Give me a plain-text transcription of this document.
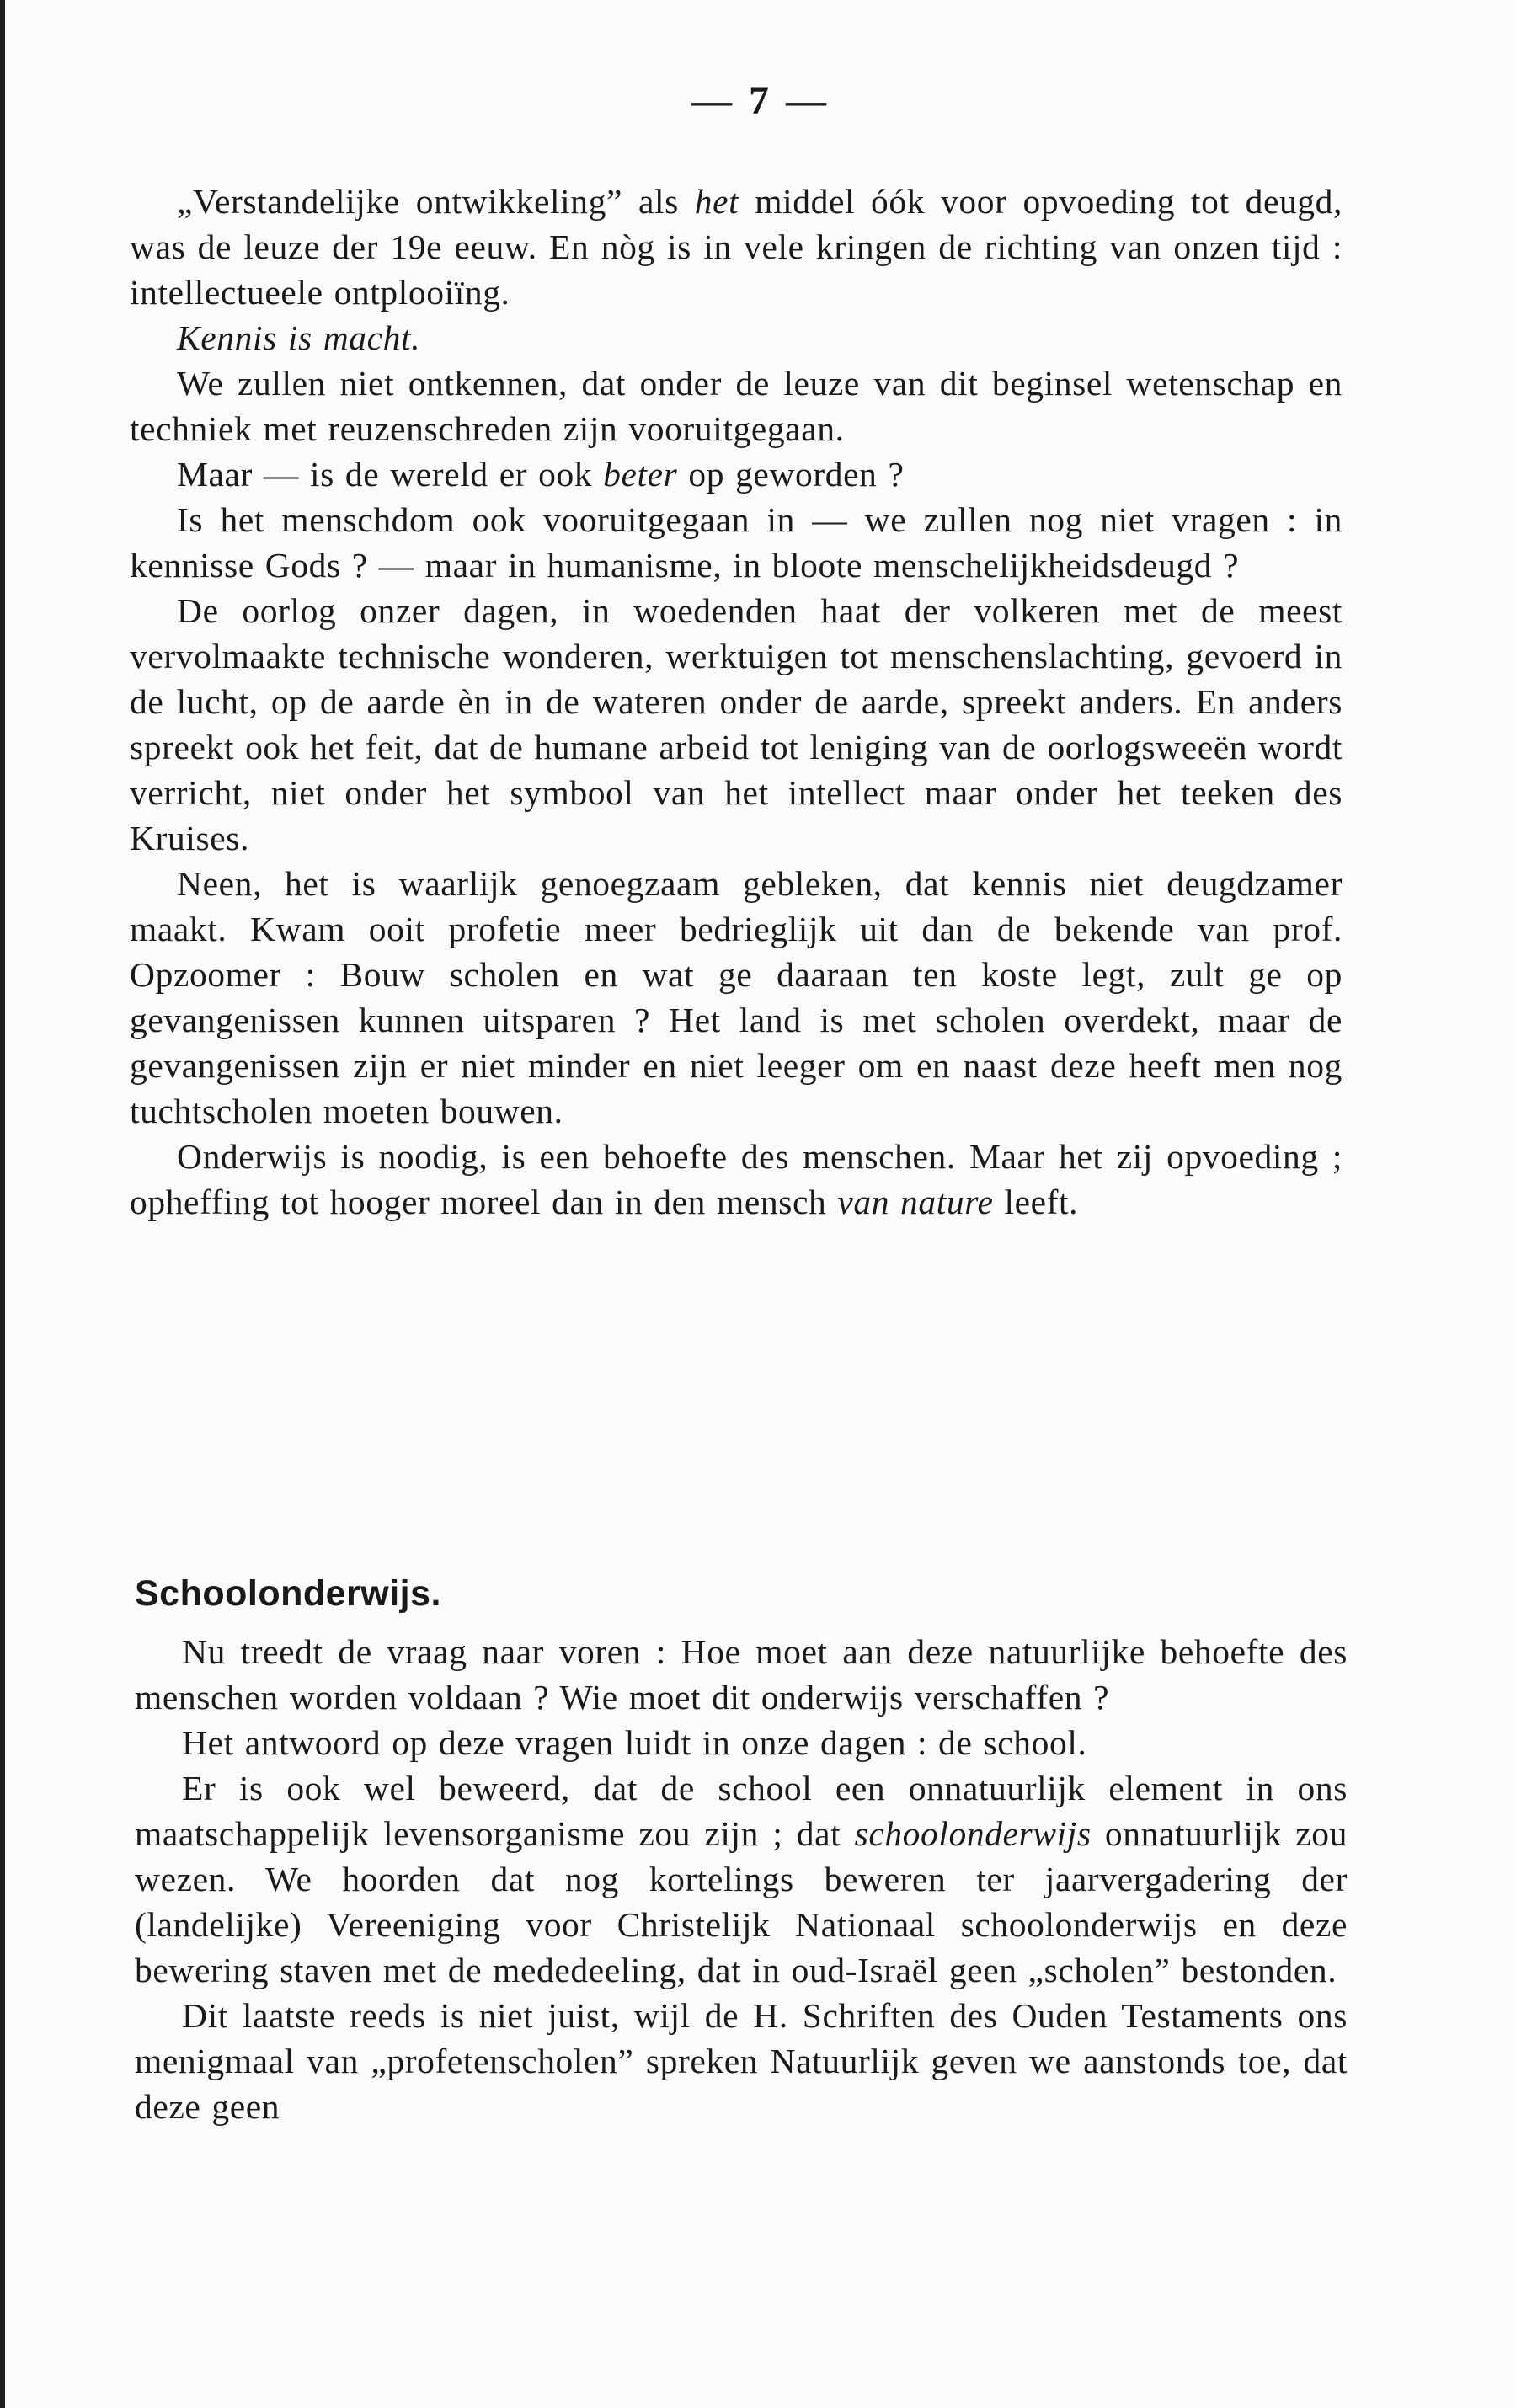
— 7 —

„Verstandelijke ontwikkeling” als het middel óók voor opvoeding tot deugd, was de leuze der 19e eeuw. En nòg is in vele kringen de richting van onzen tijd : intellectueele ontplooiïng.

Kennis is macht.

We zullen niet ontkennen, dat onder de leuze van dit beginsel wetenschap en techniek met reuzenschreden zijn vooruitgegaan.

Maar — is de wereld er ook beter op geworden ?

Is het menschdom ook vooruitgegaan in — we zullen nog niet vragen : in kennisse Gods ? — maar in humanisme, in bloote menschelijkheidsdeugd ?

De oorlog onzer dagen, in woedenden haat der volkeren met de meest vervolmaakte technische wonderen, werktuigen tot menschenslachting, gevoerd in de lucht, op de aarde èn in de wateren onder de aarde, spreekt anders. En anders spreekt ook het feit, dat de humane arbeid tot leniging van de oorlogsweeën wordt verricht, niet onder het symbool van het intellect maar onder het teeken des Kruises.

Neen, het is waarlijk genoegzaam gebleken, dat kennis niet deugdzamer maakt. Kwam ooit profetie meer bedrieglijk uit dan de bekende van prof. Opzoomer : Bouw scholen en wat ge daaraan ten koste legt, zult ge op gevangenissen kunnen uitsparen ? Het land is met scholen overdekt, maar de gevangenissen zijn er niet minder en niet leeger om en naast deze heeft men nog tuchtscholen moeten bouwen.

Onderwijs is noodig, is een behoefte des menschen. Maar het zij opvoeding ; opheffing tot hooger moreel dan in den mensch van nature leeft.

Schoolonderwijs.

Nu treedt de vraag naar voren : Hoe moet aan deze natuurlijke behoefte des menschen worden voldaan ? Wie moet dit onderwijs verschaffen ?

Het antwoord op deze vragen luidt in onze dagen : de school.

Er is ook wel beweerd, dat de school een onnatuurlijk element in ons maatschappelijk levensorganisme zou zijn ; dat schoolonderwijs onnatuurlijk zou wezen. We hoorden dat nog kortelings beweren ter jaarvergadering der (landelijke) Vereeniging voor Christelijk Nationaal schoolonderwijs en deze bewering staven met de mededeeling, dat in oud-Israël geen „scholen” bestonden.

Dit laatste reeds is niet juist, wijl de H. Schriften des Ouden Testaments ons menigmaal van „profetenscholen” spreken Natuurlijk geven we aanstonds toe, dat deze geen
